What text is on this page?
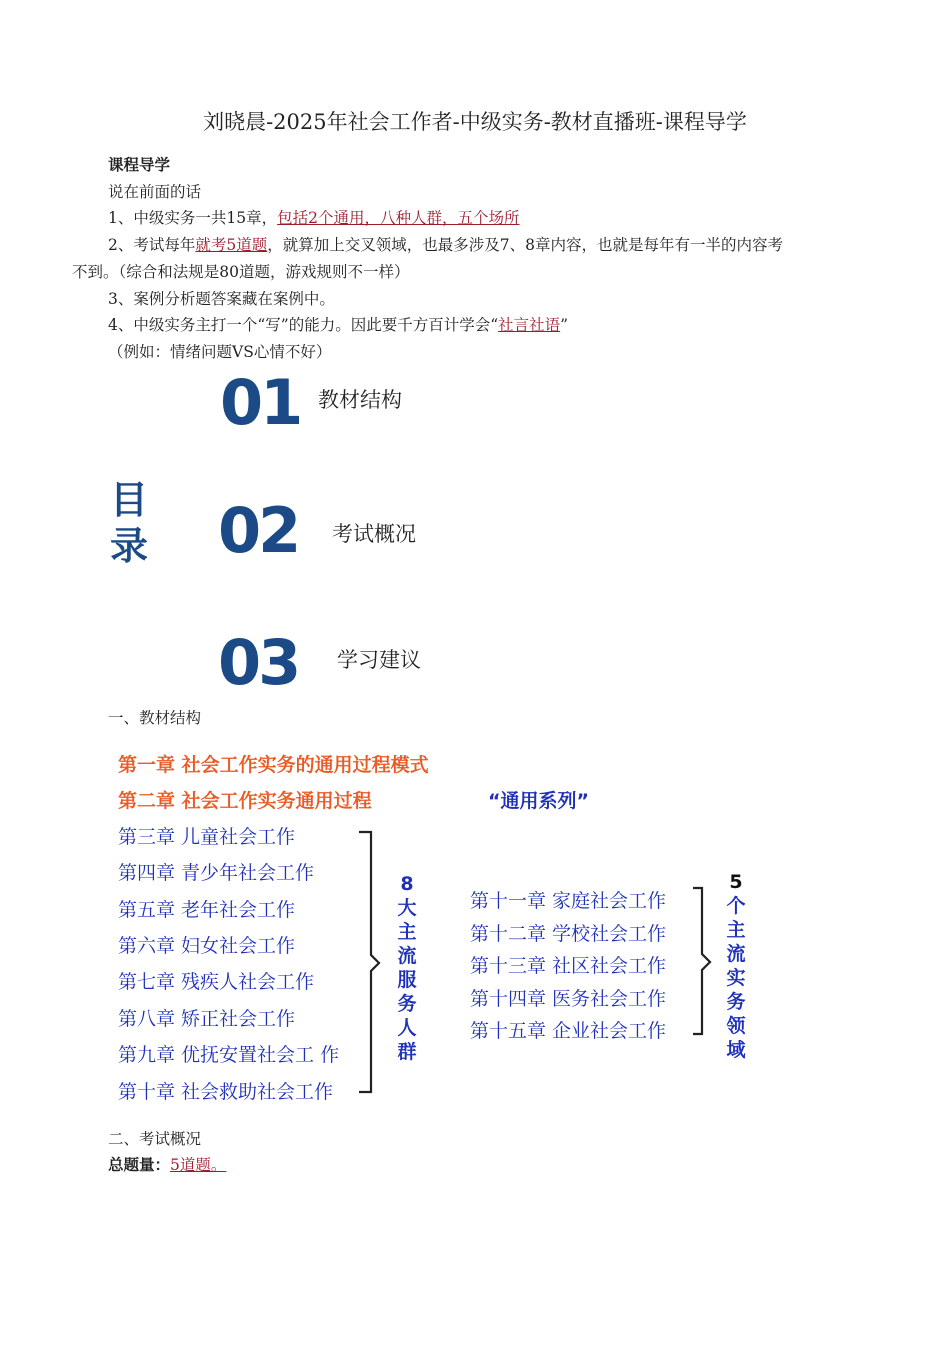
刘晓晨-2025年社会工作者-中级实务-教材直播班-课程导学
课程导学
说在前面的话
1、中级实务一共15章，包括2个通用，八种人群，五个场所
2、考试每年就考5道题，就算加上交叉领域，也最多涉及7、8章内容，也就是每年有一半的内容考
不到。（综合和法规是80道题，游戏规则不一样）
3、案例分析题答案藏在案例中。
4、中级实务主打一个“写”的能力。因此要千方百计学会“社言社语”
（例如：情绪问题VS心情不好）
目
录
01 教材结构
02 考试概况
03 学习建议
一、教材结构
第一章 社会工作实务的通用过程模式
第二章 社会工作实务通用过程	“通用系列”
第三章 儿童社会工作
第四章 青少年社会工作
第五章 老年社会工作
第六章 妇女社会工作
第七章 残疾人社会工作
第八章 矫正社会工作
第九章 优抚安置社会工 作
第十章 社会救助社会工作
8
大
主
流
服
务
人
群
第十一章 家庭社会工作
第十二章 学校社会工作
第十三章 社区社会工作
第十四章 医务社会工作
第十五章 企业社会工作
5
个
主
流
实
务
领
域
二、考试概况
总题量：5道题。
